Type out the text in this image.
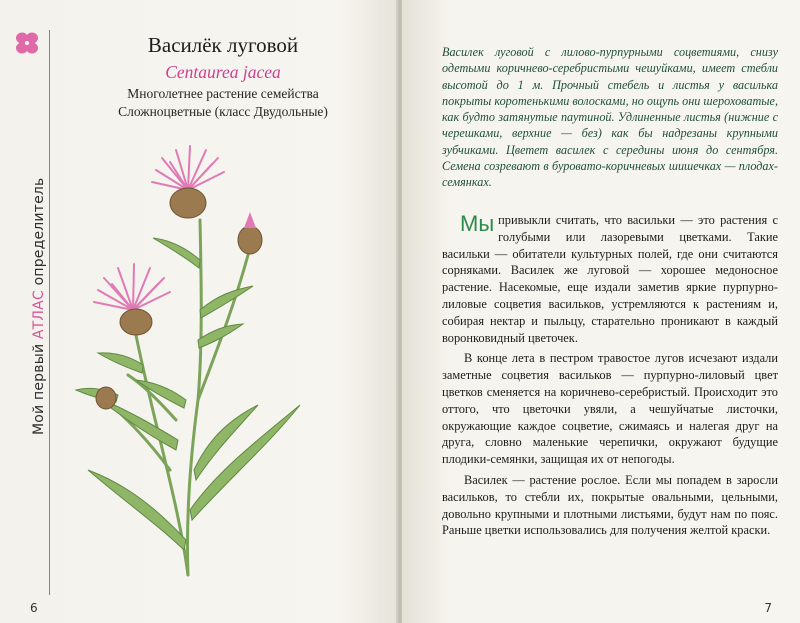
Мой первый АТЛАС определитель
Василёк луговой
Centaurea jacea
Многолетнее растение семейства
Сложноцветные (класс Двудольные)
6

Василек луговой с лилово-пурпурными соцветиями, снизу одетыми коричнево-серебристыми чешуйками, имеет стебли высотой до 1 м. Прочный стебель и листья у василька покрыты коротенькими волосками, но ощупь они шероховатые, как будто затянутые паутиной. Удлиненные листья (нижние с черешками, верхние — без) как бы надрезаны крупными зубчиками. Цветет василек с середины июня до сентября. Семена созревают в буровато-коричневых шишечках — плодах-семянках.

Мы привыкли считать, что васильки — это растения с голубыми или лазоревыми цветками. Такие васильки — обитатели культурных полей, где они считаются сорняками. Василек же луговой — хорошее медоносное растение. Насекомые, еще издали заметив яркие пурпурно-лиловые соцветия васильков, устремляются к растениям и, собирая нектар и пыльцу, старательно проникают в каждый воронковидный цветочек.

В конце лета в пестром травостое лугов исчезают издали заметные соцветия васильков — пурпурно-лиловый цвет цветков сменяется на коричнево-серебристый. Происходит это оттого, что цветочки увяли, а чешуйчатые листочки, окружающие каждое соцветие, сжимаясь и налегая друг на друга, словно маленькие черепички, окружают будущие плодики-семянки, защищая их от непогоды.

Василек — растение рослое. Если мы попадем в заросли васильков, то стебли их, покрытые овальными, цельными, довольно крупными и плотными листьями, будут нам по пояс. Раньше цветки использовались для получения желтой краски.

7
